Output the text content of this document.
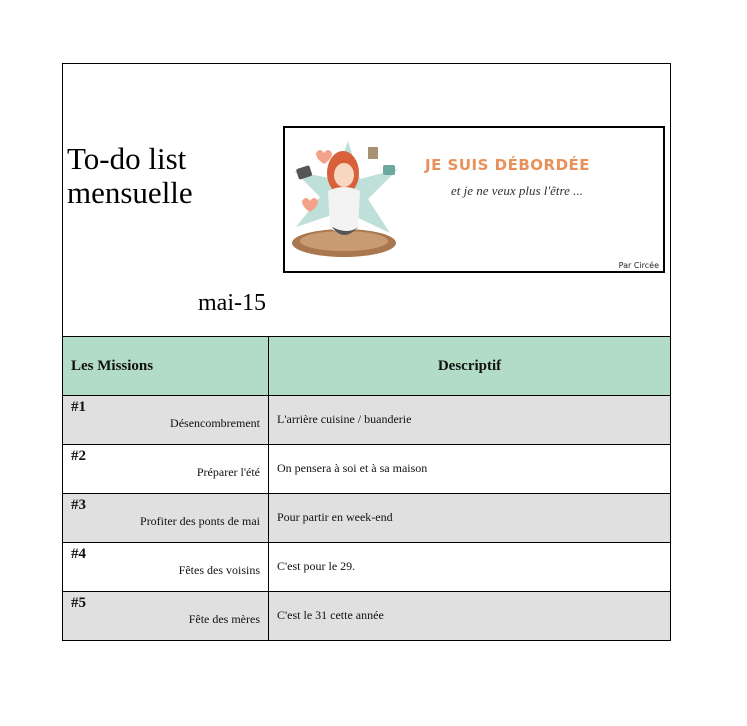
To-do list
mensuelle
mai-15
JE SUIS DÉBORDÉE
et je ne veux plus l'être ...
Par Circée
Les Missions	Descriptif

#1
Désencombrement	L'arrière cuisine / buanderie

#2
Préparer l'été	On pensera à soi et à sa maison

#3
Profiter des ponts de mai	Pour partir en week-end

#4
Fêtes des voisins	C'est pour le 29.

#5
Fête des mères	C'est le 31 cette année
